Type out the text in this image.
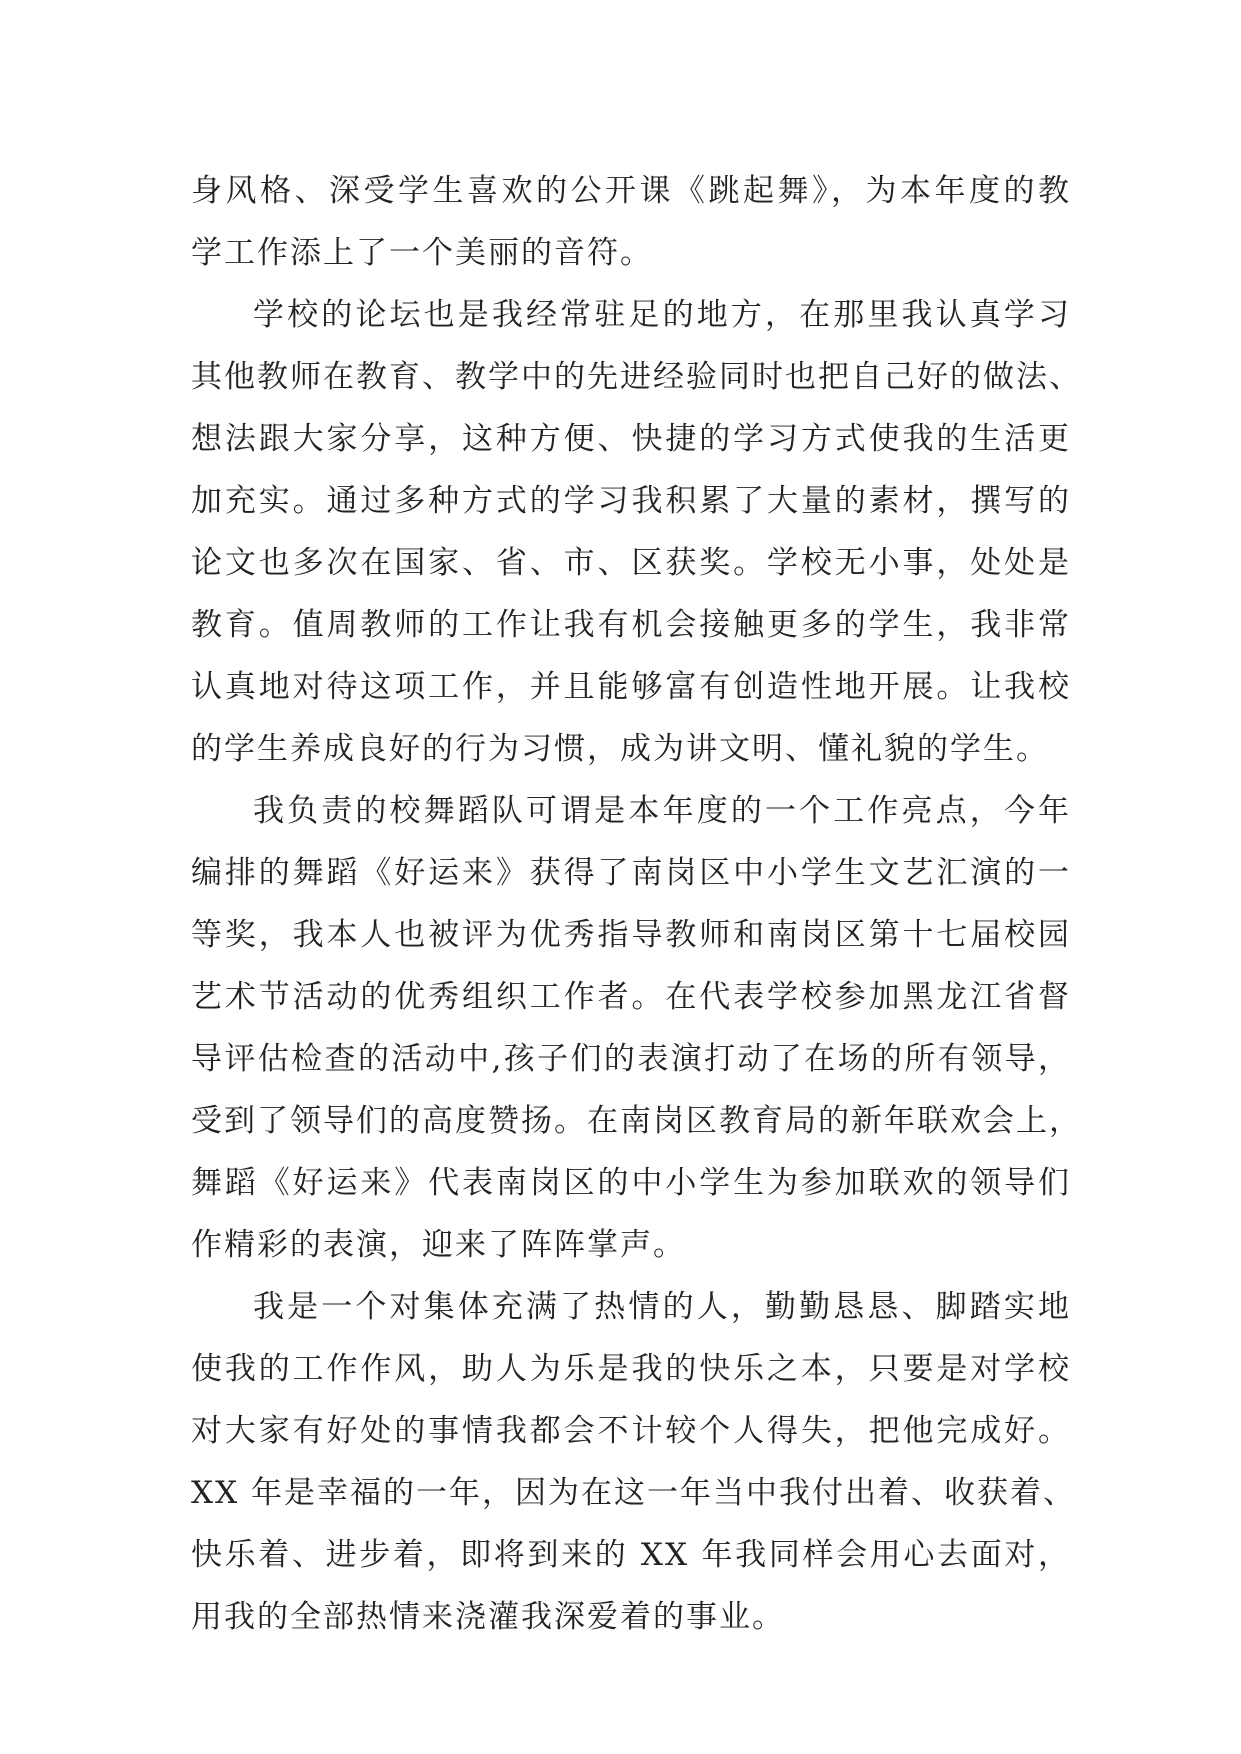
身风格、深受学生喜欢的公开课《跳起舞》，为本年度的教
学工作添上了一个美丽的音符。
学校的论坛也是我经常驻足的地方，在那里我认真学习
其他教师在教育、教学中的先进经验同时也把自己好的做法、
想法跟大家分享，这种方便、快捷的学习方式使我的生活更
加充实。通过多种方式的学习我积累了大量的素材，撰写的
论文也多次在国家、省、市、区获奖。学校无小事，处处是
教育。值周教师的工作让我有机会接触更多的学生，我非常
认真地对待这项工作，并且能够富有创造性地开展。让我校
的学生养成良好的行为习惯，成为讲文明、懂礼貌的学生。
我负责的校舞蹈队可谓是本年度的一个工作亮点，今年
编排的舞蹈《好运来》获得了南岗区中小学生文艺汇演的一
等奖，我本人也被评为优秀指导教师和南岗区第十七届校园
艺术节活动的优秀组织工作者。在代表学校参加黑龙江省督
导评估检查的活动中,孩子们的表演打动了在场的所有领导，
受到了领导们的高度赞扬。在南岗区教育局的新年联欢会上，
舞蹈《好运来》代表南岗区的中小学生为参加联欢的领导们
作精彩的表演，迎来了阵阵掌声。
我是一个对集体充满了热情的人，勤勤恳恳、脚踏实地
使我的工作作风，助人为乐是我的快乐之本，只要是对学校
对大家有好处的事情我都会不计较个人得失，把他完成好。
XX 年是幸福的一年，因为在这一年当中我付出着、收获着、
快乐着、进步着，即将到来的 XX 年我同样会用心去面对，
用我的全部热情来浇灌我深爱着的事业。
